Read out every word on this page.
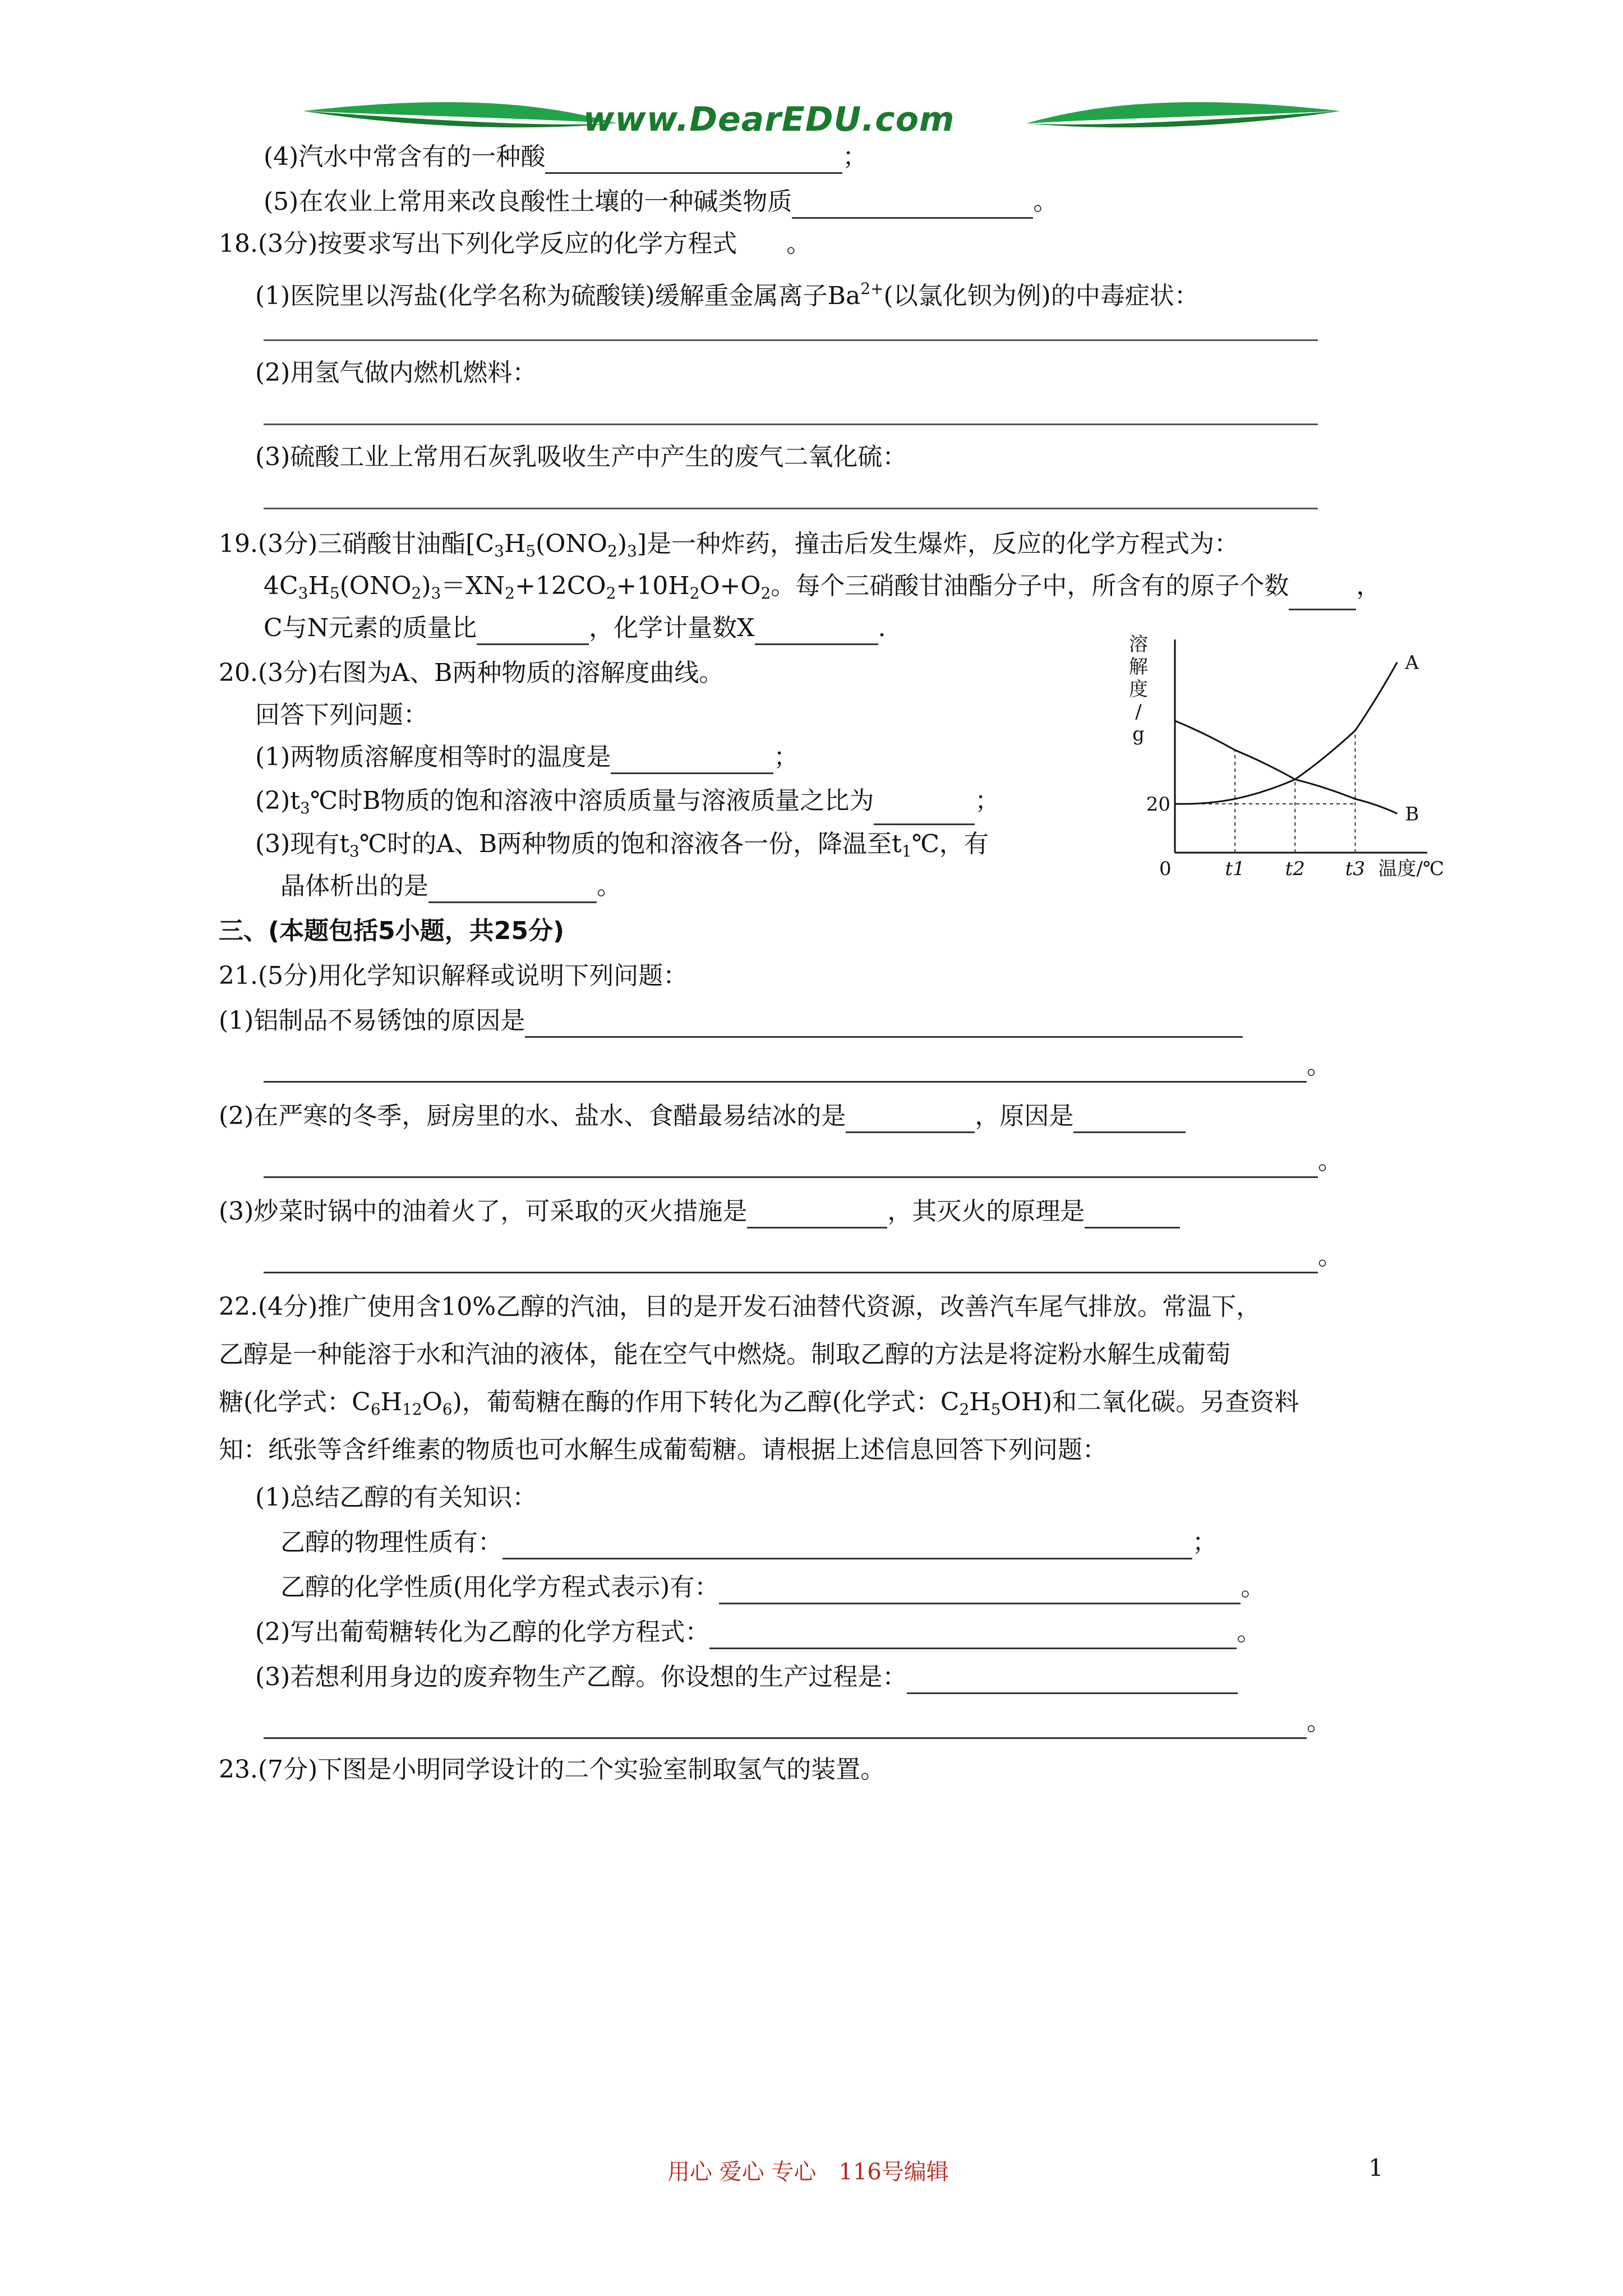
www.DearEDU.com
(4)汽水中常含有的一种酸	；
(5)在农业上常用来改良酸性土壤的一种碱类物质	。
18.(3分)按要求写出下列化学反应的化学方程式　　。
(1)医院里以泻盐(化学名称为硫酸镁)缓解重金属离子$Ba^{2+}$(以氯化钡为例)的中毒症状：
(2)用氢气做内燃机燃料：
(3)硫酸工业上常用石灰乳吸收生产中产生的废气二氧化硫：
19.(3分)三硝酸甘油酯$[C_3H_5(ONO_2)_3]$是一种炸药，撞击后发生爆炸，反应的化学方程式为：
$4C_3H_5(ONO_2)_3=XN_2+12CO_2+10H_2O+O_2$。每个三硝酸甘油酯分子中，所含有的原子个数	，
C与N元素的质量比	，化学计量数X	.
20.(3分)右图为A、B两种物质的溶解度曲线。
回答下列问题：
(1)两物质溶解度相等时的温度是	；
$(2)t_3℃$时B物质的饱和溶液中溶质质量与溶液质量之比为	；
(3)现有$t_3℃$时的A、B两种物质的饱和溶液各一份，降温至$t_1℃$，有
晶体析出的是	。
溶
解
度
/
g
温度/℃
0
20
t1 t2 t3
A
B
三、(本题包括5小题，共25分)
21.(5分)用化学知识解释或说明下列问题：
(1)铝制品不易锈蚀的原因是
。
(2)在严寒的冬季，厨房里的水、盐水、食醋最易结冰的是	，原因是
。
(3)炒菜时锅中的油着火了，可采取的灭火措施是	，其灭火的原理是
。
22.(4分)推广使用含10%乙醇的汽油，目的是开发石油替代资源，改善汽车尾气排放。常温下，
乙醇是一种能溶于水和汽油的液体，能在空气中燃烧。制取乙醇的方法是将淀粉水解生成葡萄
糖(化学式：$C_6H_{12}O_6$)，葡萄糖在酶的作用下转化为乙醇(化学式：$C_2H_5OH$)和二氧化碳。另查资料
知：纸张等含纤维素的物质也可水解生成葡萄糖。请根据上述信息回答下列问题：
(1)总结乙醇的有关知识：
乙醇的物理性质有：	；
乙醇的化学性质(用化学方程式表示)有：	。
(2)写出葡萄糖转化为乙醇的化学方程式：	。
(3)若想利用身边的废弃物生产乙醇。你设想的生产过程是：
。
23.(7分)下图是小明同学设计的二个实验室制取氢气的装置。
用心 爱心 专心　116号编辑	1
